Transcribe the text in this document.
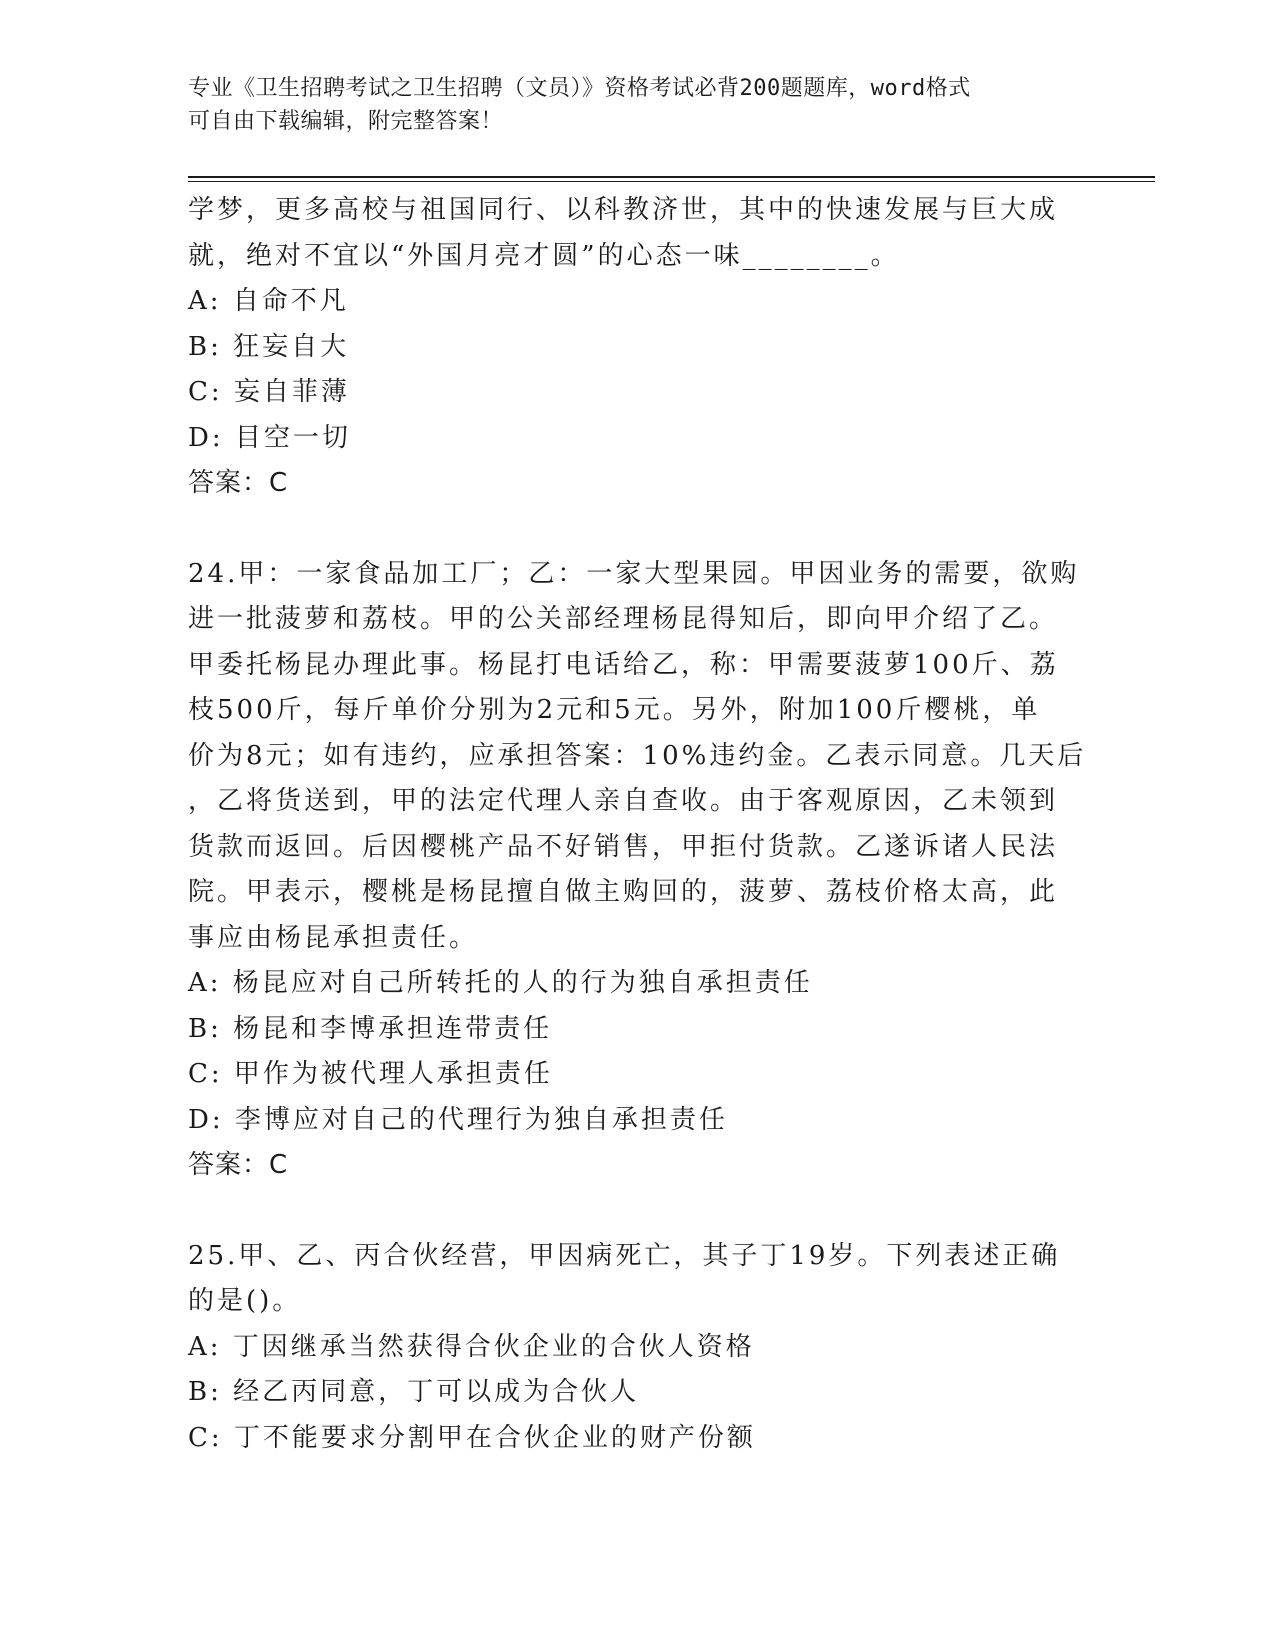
专业《卫生招聘考试之卫生招聘（文员）》资格考试必背200题题库，word格式
可自由下载编辑，附完整答案！

学梦，更多高校与祖国同行、以科教济世，其中的快速发展与巨大成

就，绝对不宜以“外国月亮才圆”的心态一味________。

A: 自命不凡

B: 狂妄自大

C: 妄自菲薄

D: 目空一切

答案：C

24.甲：一家食品加工厂；乙：一家大型果园。甲因业务的需要，欲购

进一批菠萝和荔枝。甲的公关部经理杨昆得知后，即向甲介绍了乙。

甲委托杨昆办理此事。杨昆打电话给乙，称：甲需要菠萝100斤、荔

枝500斤，每斤单价分别为2元和5元。另外，附加100斤樱桃，单

价为8元；如有违约，应承担答案：10%违约金。乙表示同意。几天后

，乙将货送到，甲的法定代理人亲自查收。由于客观原因，乙未领到

货款而返回。后因樱桃产品不好销售，甲拒付货款。乙遂诉诸人民法

院。甲表示，樱桃是杨昆擅自做主购回的，菠萝、荔枝价格太高，此

事应由杨昆承担责任。

A: 杨昆应对自己所转托的人的行为独自承担责任

B: 杨昆和李博承担连带责任

C: 甲作为被代理人承担责任

D: 李博应对自己的代理行为独自承担责任

答案：C

25.甲、乙、丙合伙经营，甲因病死亡，其子丁19岁。下列表述正确

的是()。

A: 丁因继承当然获得合伙企业的合伙人资格

B: 经乙丙同意，丁可以成为合伙人

C: 丁不能要求分割甲在合伙企业的财产份额
